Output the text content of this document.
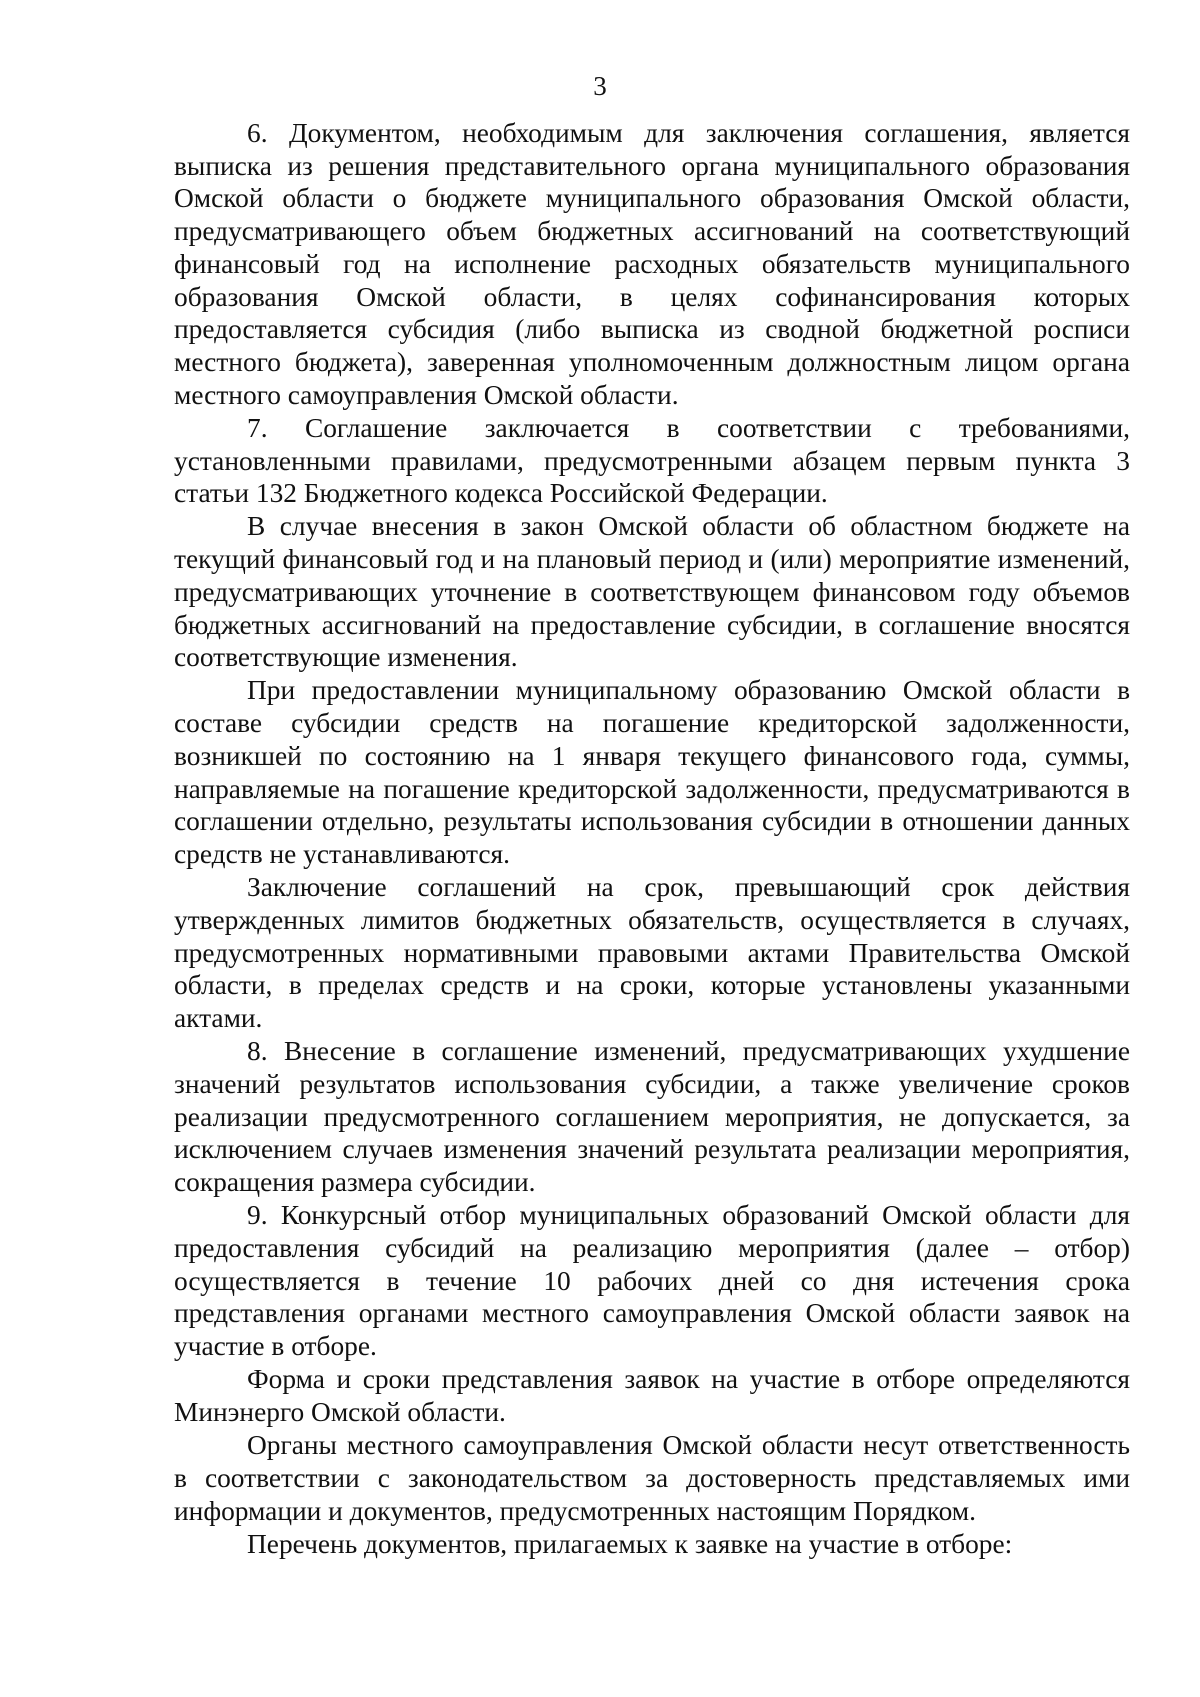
3

6. Документом, необходимым для заключения соглашения, является выписка из решения представительного органа муниципального образования Омской области о бюджете муниципального образования Омской области, предусматривающего объем бюджетных ассигнований на соответствующий финансовый год на исполнение расходных обязательств муниципального образования Омской области, в целях софинансирования которых предоставляется субсидия (либо выписка из сводной бюджетной росписи местного бюджета), заверенная уполномоченным должностным лицом органа местного самоуправления Омской области.

7. Соглашение заключается в соответствии с требованиями, установленными правилами, предусмотренными абзацем первым пункта 3 статьи 132 Бюджетного кодекса Российской Федерации.

В случае внесения в закон Омской области об областном бюджете на текущий финансовый год и на плановый период и (или) мероприятие изменений, предусматривающих уточнение в соответствующем финансовом году объемов бюджетных ассигнований на предоставление субсидии, в соглашение вносятся соответствующие изменения.

При предоставлении муниципальному образованию Омской области в составе субсидии средств на погашение кредиторской задолженности, возникшей по состоянию на 1 января текущего финансового года, суммы, направляемые на погашение кредиторской задолженности, предусматриваются в соглашении отдельно, результаты использования субсидии в отношении данных средств не устанавливаются.

Заключение соглашений на срок, превышающий срок действия утвержденных лимитов бюджетных обязательств, осуществляется в случаях, предусмотренных нормативными правовыми актами Правительства Омской области, в пределах средств и на сроки, которые установлены указанными актами.

8. Внесение в соглашение изменений, предусматривающих ухудшение значений результатов использования субсидии, а также увеличение сроков реализации предусмотренного соглашением мероприятия, не допускается, за исключением случаев изменения значений результата реализации мероприятия, сокращения размера субсидии.

9. Конкурсный отбор муниципальных образований Омской области для предоставления субсидий на реализацию мероприятия (далее – отбор) осуществляется в течение 10 рабочих дней со дня истечения срока представления органами местного самоуправления Омской области заявок на участие в отборе.

Форма и сроки представления заявок на участие в отборе определяются Минэнерго Омской области.

Органы местного самоуправления Омской области несут ответственность в соответствии с законодательством за достоверность представляемых ими информации и документов, предусмотренных настоящим Порядком.

Перечень документов, прилагаемых к заявке на участие в отборе:
